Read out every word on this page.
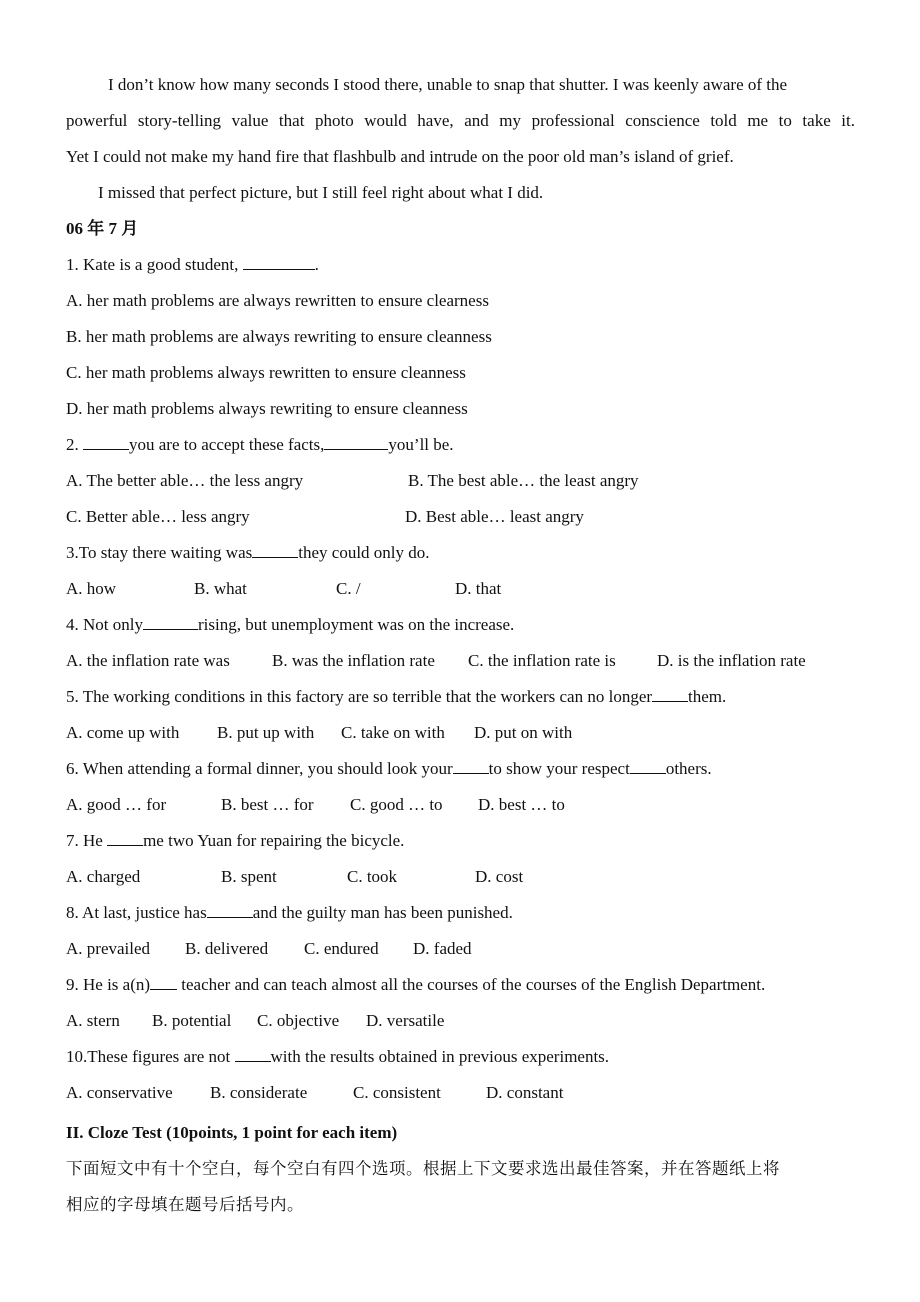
I don’t know how many seconds I stood there, unable to snap that shutter. I was keenly aware of the
powerful story-telling value that photo would have, and my professional conscience told me to take it.
Yet I could not make my hand fire that flashbulb and intrude on the poor old man’s island of grief.
I missed that perfect picture, but I still feel right about what I did.
06 年 7 月
1. Kate is a good student,	.
A. her math problems are always rewritten to ensure clearness
B. her math problems are always rewriting to ensure cleanness
C. her math problems always rewritten to ensure cleanness
D. her math problems always rewriting to ensure cleanness
2.	you are to accept these facts,	you’ll be.
A. The better able… the less angry	B. The best able… the least angry
C. Better able… less angry	D. Best able… least angry
3.To stay there waiting was	they could only do.
A. how	B. what	C. /	D. that
4. Not only	rising, but unemployment was on the increase.
A. the inflation rate was B. was the inflation rate C. the inflation rate is D. is the inflation rate
5. The working conditions in this factory are so terrible that the workers can no longer them.
A. come up with B. put up with C. take on with D. put on with
6. When attending a formal dinner, you should look your to show your respect others.
A. good … for	B. best … for C. good … to D. best … to
7. He me two Yuan for repairing the bicycle.
A. charged	B. spent	C. took	D. cost
8. At last, justice has	and the guilty man has been punished.
A. prevailed B. delivered C. endured D. faded
9. He is a(n) teacher and can teach almost all the courses of the courses of the English Department.
A. stern B. potential C. objective D. versatile
10.These figures are not with the results obtained in previous experiments.
A. conservative B. considerate	C. consistent	D. constant
II. Cloze Test (10points, 1 point for each item)
下面短文中有十个空白，每个空白有四个选项。根据上下文要求选出最佳答案，并在答题纸上将
相应的字母填在题号后括号内。
